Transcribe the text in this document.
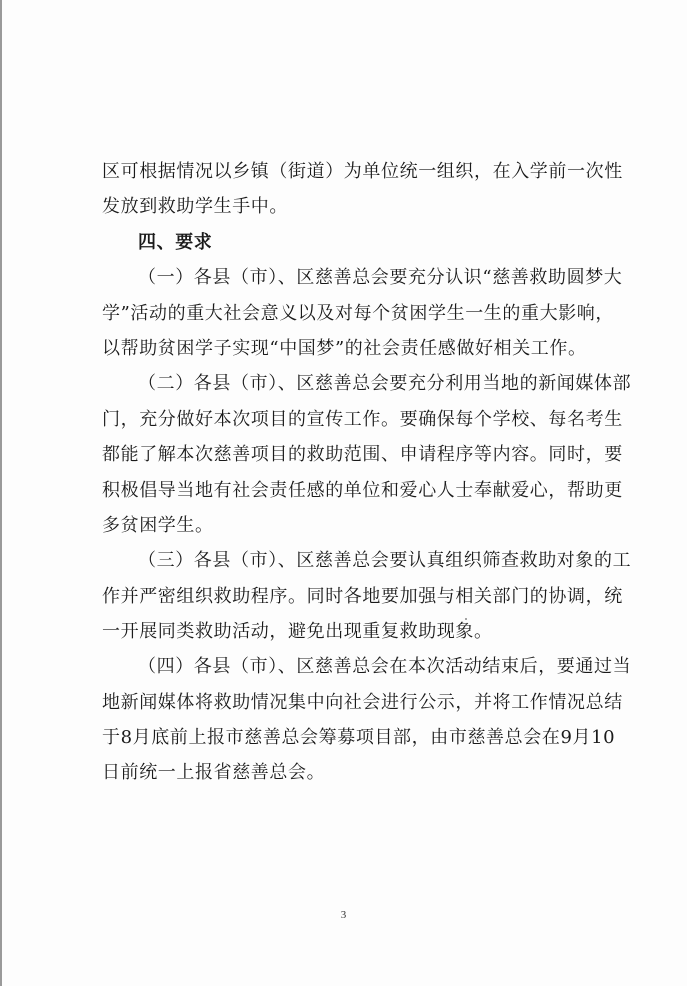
区可根据情况以乡镇（街道）为单位统一组织，在入学前一次性
发放到救助学生手中。
四、要求
（一）各县（市）、区慈善总会要充分认识“慈善救助圆梦大
学”活动的重大社会意义以及对每个贫困学生一生的重大影响，
以帮助贫困学子实现“中国梦”的社会责任感做好相关工作。
（二）各县（市）、区慈善总会要充分利用当地的新闻媒体部
门，充分做好本次项目的宣传工作。要确保每个学校、每名考生
都能了解本次慈善项目的救助范围、申请程序等内容。同时，要
积极倡导当地有社会责任感的单位和爱心人士奉献爱心，帮助更
多贫困学生。
（三）各县（市）、区慈善总会要认真组织筛查救助对象的工
作并严密组织救助程序。同时各地要加强与相关部门的协调，统
一开展同类救助活动，避免出现重复救助现象。
（四）各县（市）、区慈善总会在本次活动结束后，要通过当
地新闻媒体将救助情况集中向社会进行公示，并将工作情况总结
于8月底前上报市慈善总会筹募项目部，由市慈善总会在9月10
日前统一上报省慈善总会。
3
